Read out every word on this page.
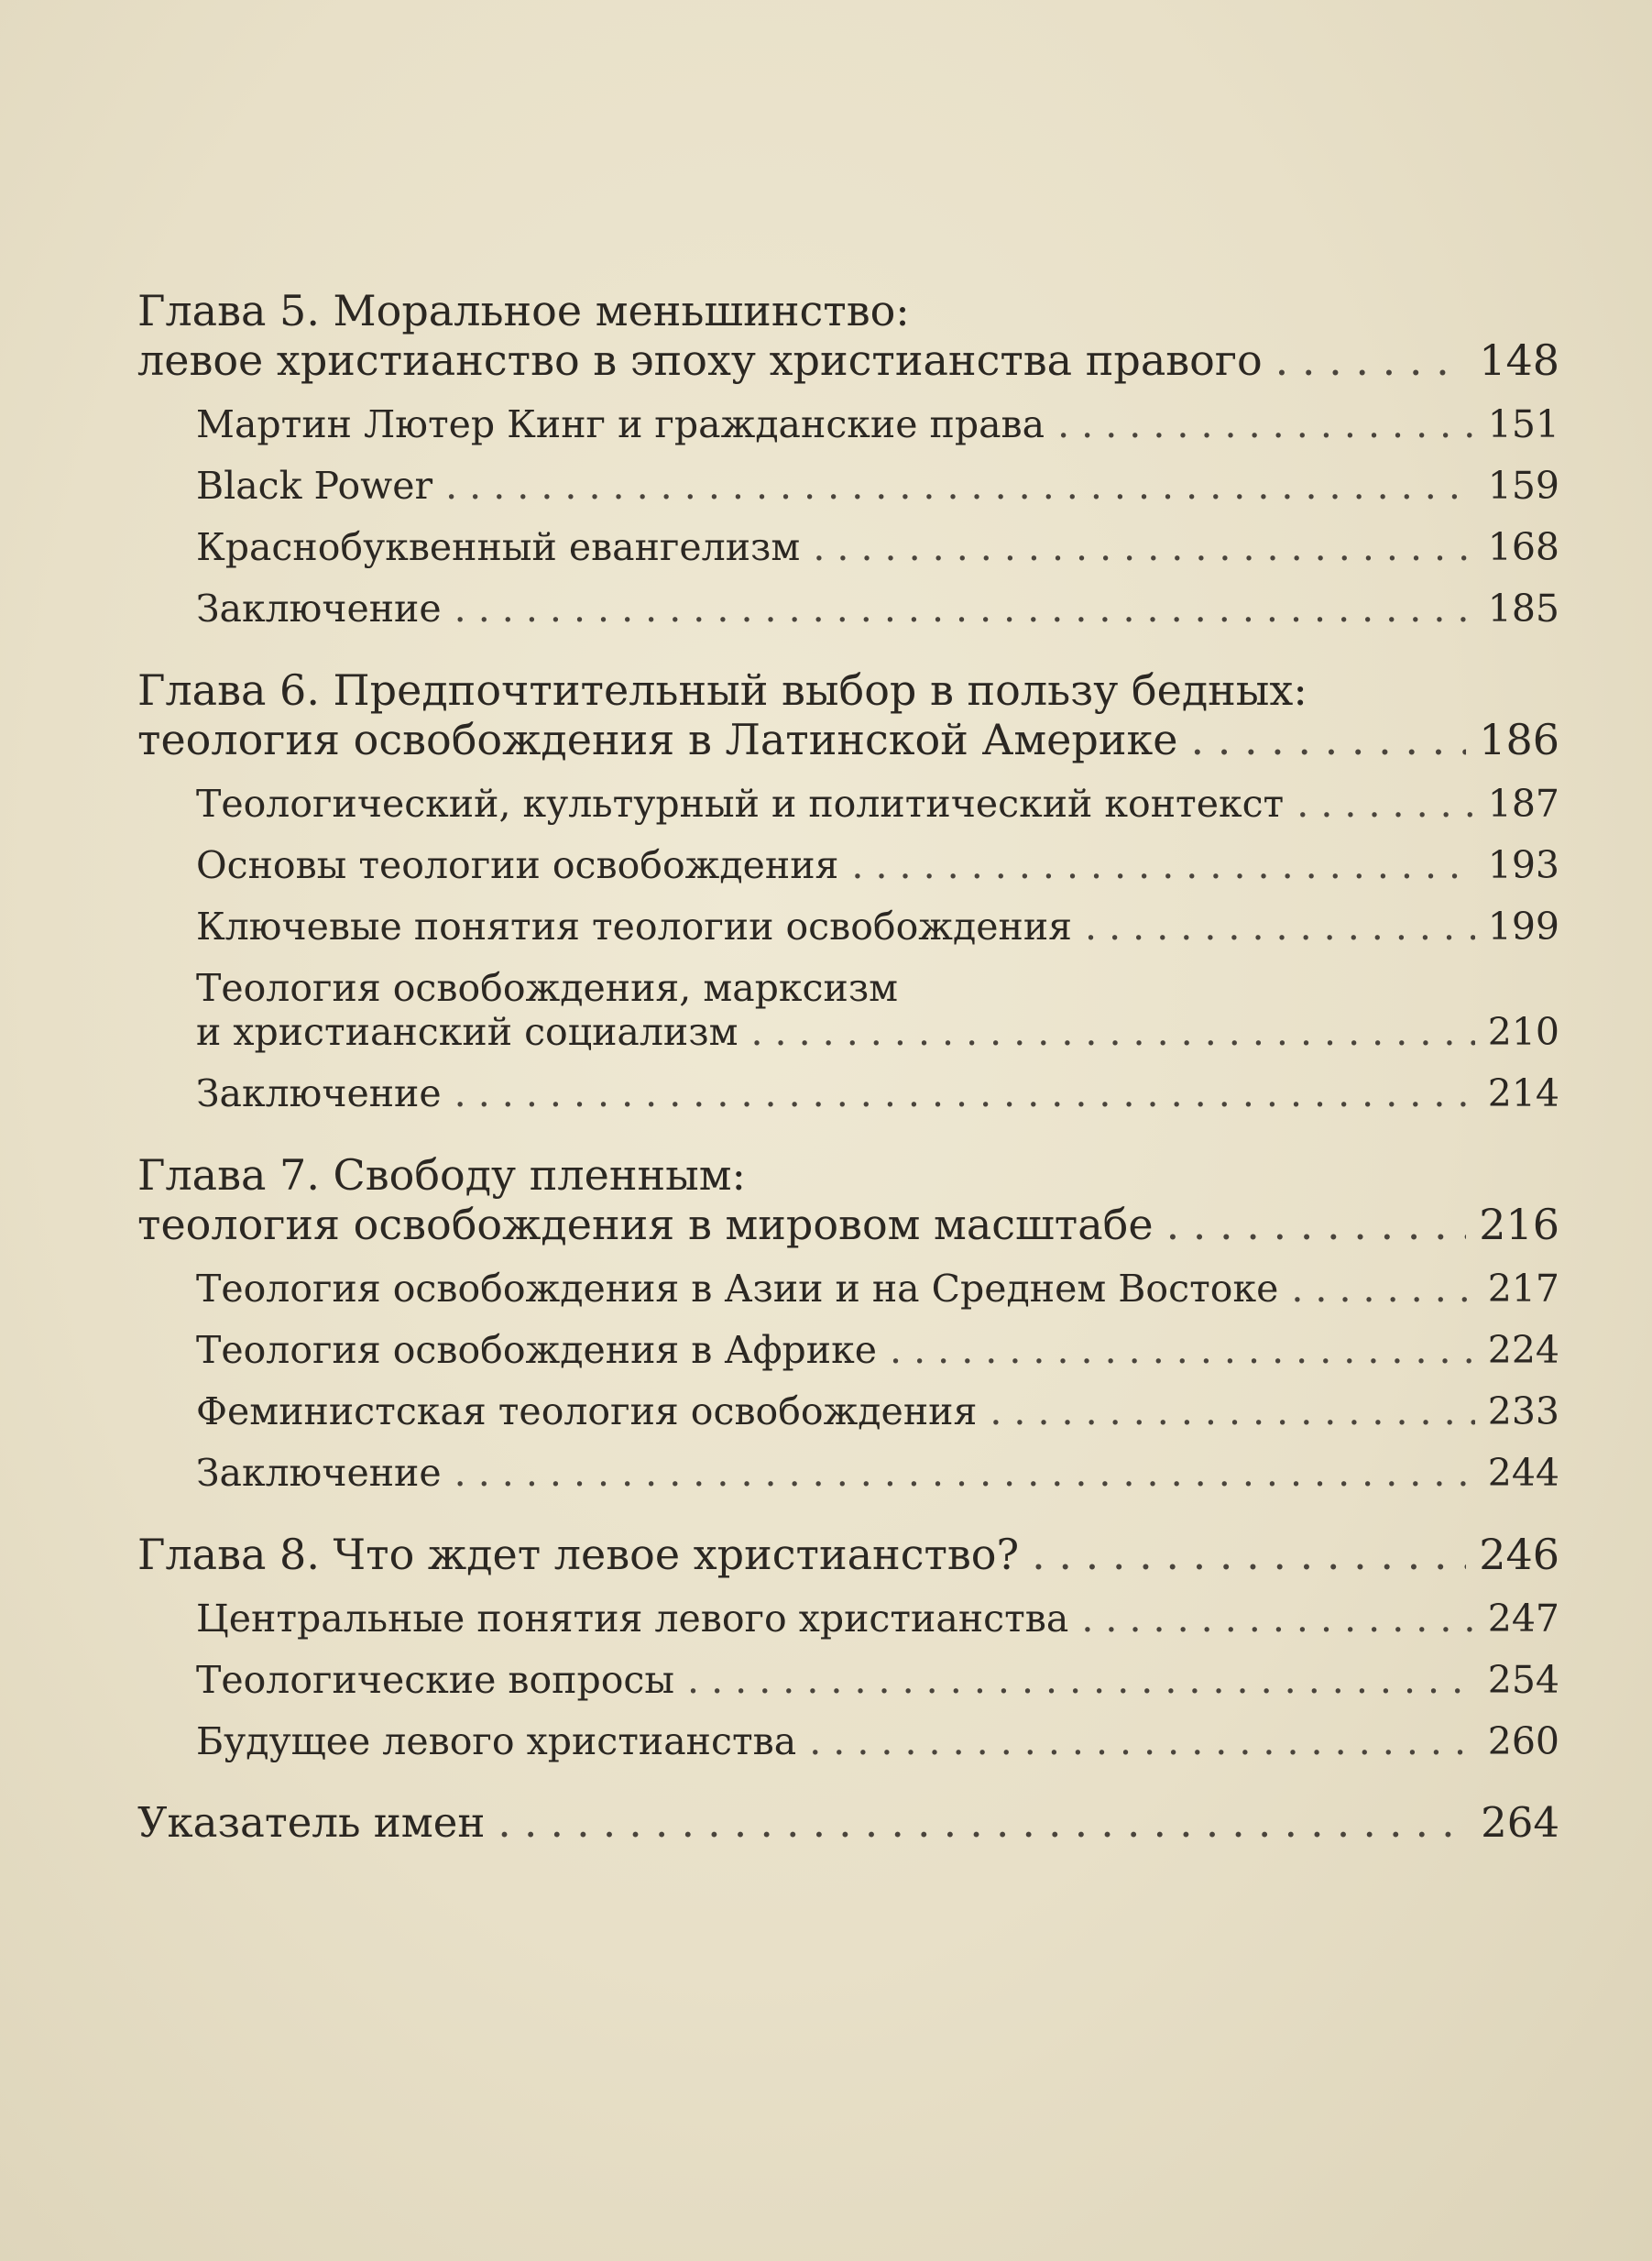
Глава 5. Моральное меньшинство:
левое христианство в эпоху христианства правого . . .	148
Мартин Лютер Кинг и гражданские права . . .	151
Black Power . . .	159
Краснобуквенный евангелизм . . .	168
Заключение . . .	185
Глава 6. Предпочтительный выбор в пользу бедных:
теология освобождения в Латинской Америке . . .	186
Теологический, культурный и политический контекст . . .	187
Основы теологии освобождения . . .	193
Ключевые понятия теологии освобождения . . .	199
Теология освобождения, марксизм
и христианский социализм . . .	210
Заключение . . .	214
Глава 7. Свободу пленным:
теология освобождения в мировом масштабе . . .	216
Теология освобождения в Азии и на Среднем Востоке . . .	217
Теология освобождения в Африке . . .	224
Феминистская теология освобождения . . .	233
Заключение . . .	244
Глава 8. Что ждет левое христианство? . . .	246
Центральные понятия левого христианства . . .	247
Теологические вопросы . . .	254
Будущее левого христианства . . .	260
Указатель имен . . .	264
